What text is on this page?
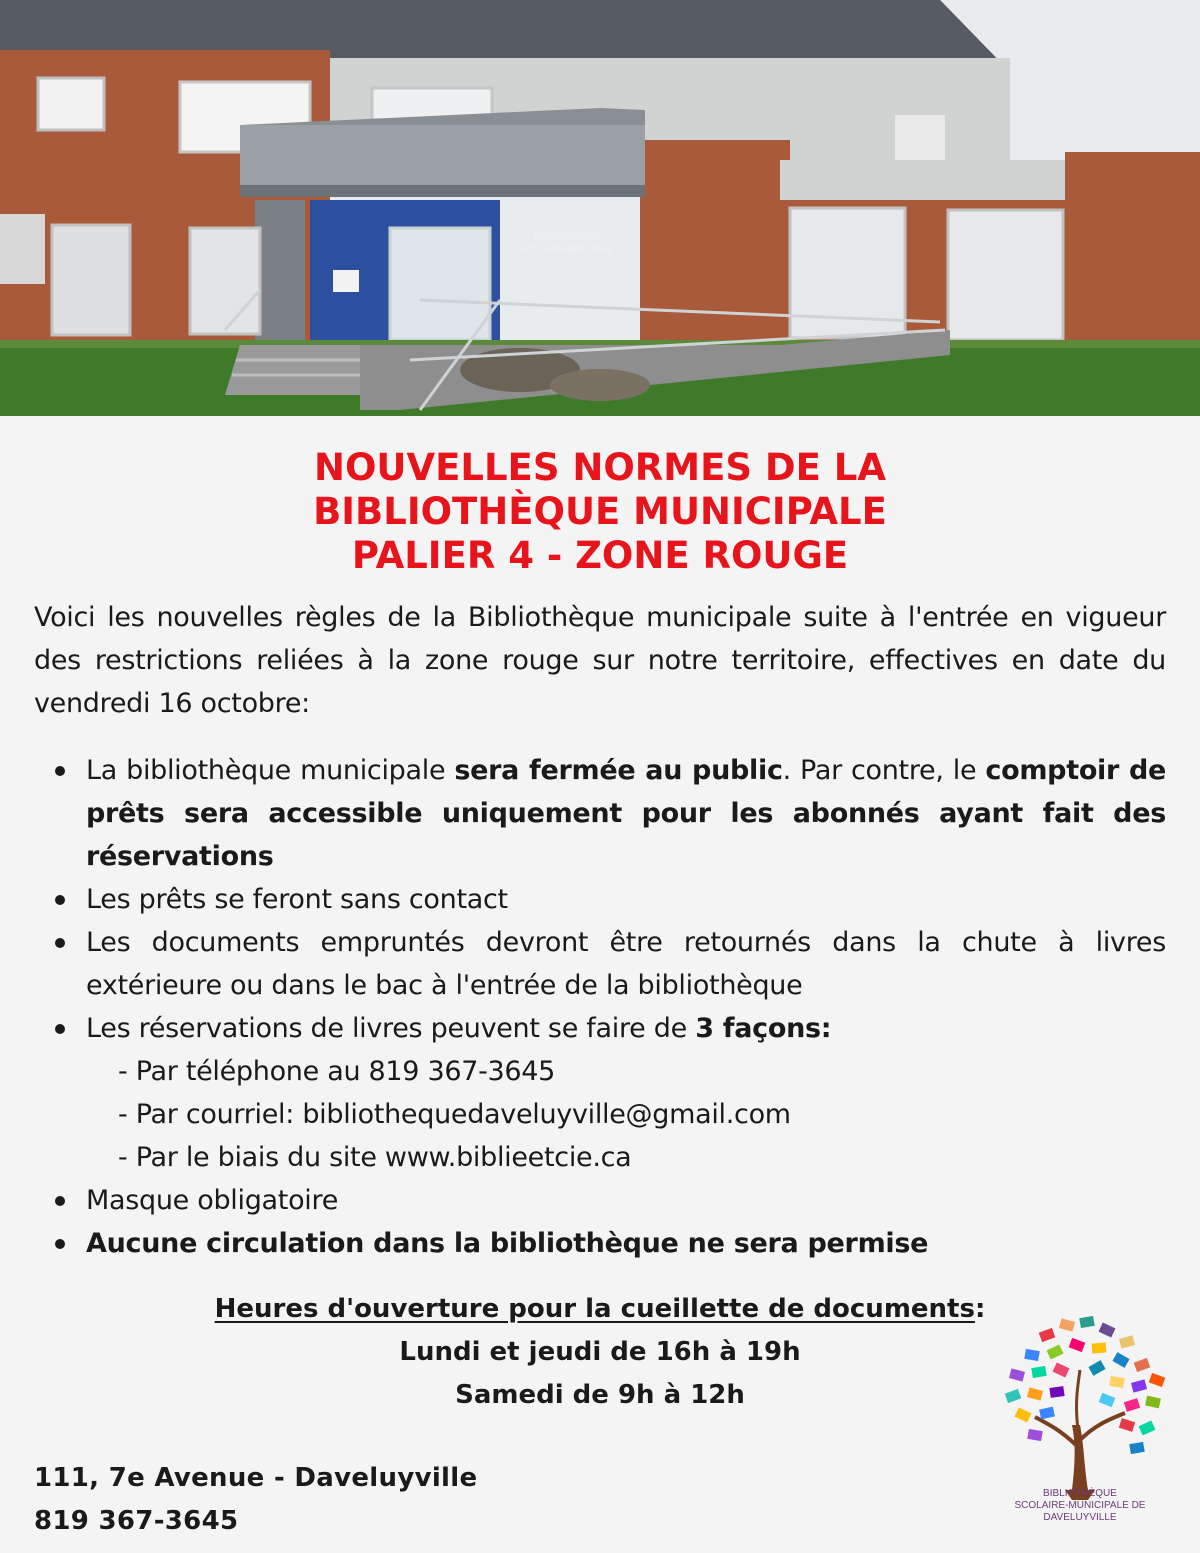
BIBLIOTHÈQUE
SCOLAIRE-MUNICIPALE
NOUVELLES NORMES DE LA
BIBLIOTHÈQUE MUNICIPALE
PALIER 4 - ZONE ROUGE

Voici les nouvelles règles de la Bibliothèque municipale suite à l'entrée en vigueur des restrictions reliées à la zone rouge sur notre territoire, effectives en date du vendredi 16 octobre:

La bibliothèque municipale sera fermée au public. Par contre, le comptoir de prêts sera accessible uniquement pour les abonnés ayant fait des réservations
Les prêts se feront sans contact
Les documents empruntés devront être retournés dans la chute à livres extérieure ou dans le bac à l'entrée de la bibliothèque
Les réservations de livres peuvent se faire de 3 façons:
- Par téléphone au 819 367-3645
- Par courriel: bibliothequedaveluyville@gmail.com
- Par le biais du site www.biblieetcie.ca
Masque obligatoire
Aucune circulation dans la bibliothèque ne sera permise
Heures d'ouverture pour la cueillette de documents:
Lundi et jeudi de 16h à 19h
Samedi de 9h à 12h
111, 7e Avenue - Daveluyville
819 367-3645
BIBLIOTHÈQUE
SCOLAIRE-MUNICIPALE DE
DAVELUYVILLE
